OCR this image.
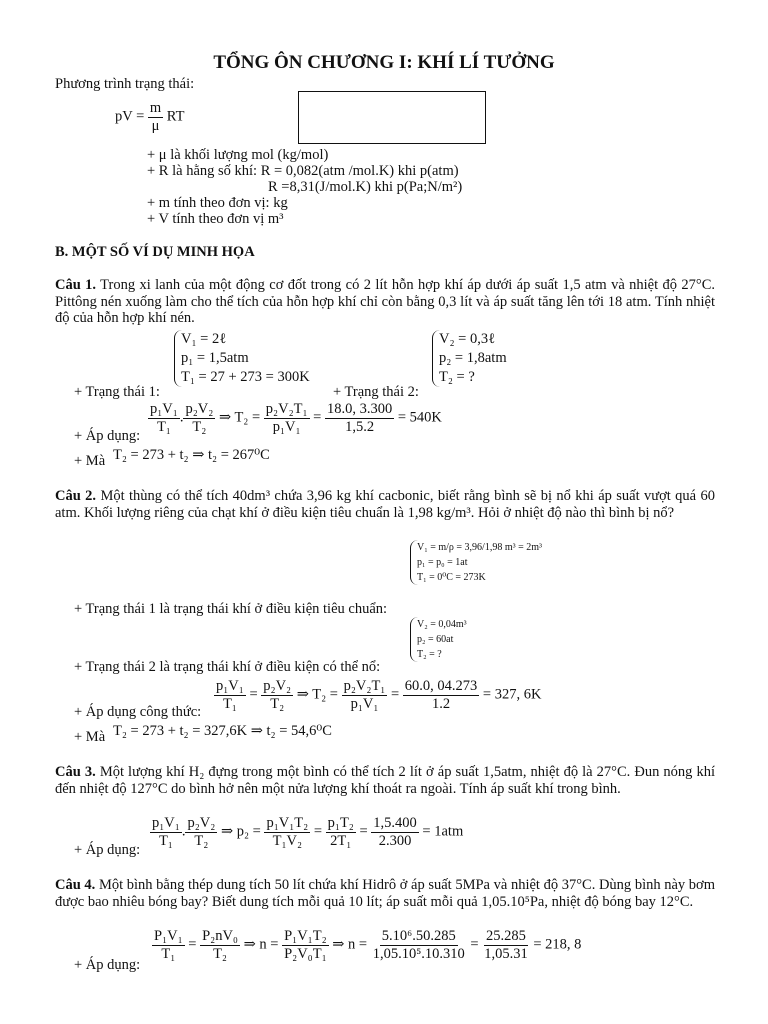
TỔNG ÔN CHƯƠNG I: KHÍ LÍ TƯỞNG
Phương trình trạng thái:
pV = $\frac{m}{\mu}$ RT
+ μ là khối lượng mol (kg/mol)
+ R là hằng số khí: R = 0,082(atm /mol.K) khi p(atm)
R =8,31(J/mol.K) khi p(Pa;N/m²)
+ m tính theo đơn vị: kg
+ V tính theo đơn vị m³
B. MỘT SỐ VÍ DỤ MINH HỌA
Câu 1. Trong xi lanh của một động cơ đốt trong có 2 lít hỗn hợp khí áp dưới áp suất 1,5 atm và nhiệt độ 27°C. Pittông nén xuống làm cho thể tích của hỗn hợp khí chỉ còn bằng 0,3 lít và áp suất tăng lên tới 18 atm. Tính nhiệt độ của hỗn hợp khí nén.
V₁ = 2ℓ
p₁ = 1,5atm
T₁ = 27 + 273 = 300K
V₂ = 0,3ℓ
p₂ = 1,8atm
T₂ = ?
+ Trạng thái 1:	+ Trạng thái 2:
+ Áp dụng:
$\frac{\text{p₁V₁}}{\text{T₁}}$ . $\frac{\text{p₂V₂}}{\text{T₂}}$ ⇒ $T_2 = \frac{\text{p₂V₂T₁}}{\text{p₁V₁}} = \frac{18.0, 3.300}{1,5.2} = 540K$
+ Mà T₂ = 273 + t₂ ⇒ t₂ = 267⁰C
Câu 2. Một thùng có thể tích 40dm³ chứa 3,96 kg khí cacbonic, biết rằng bình sẽ bị nổ khi áp suất vượt quá 60 atm. Khối lượng riêng của chạt khí ở điều kiện tiêu chuẩn là 1,98 kg/m³. Hỏi ở nhiệt độ nào thì bình bị nổ?
V₁ = m/ρ = 3,96/1,98 m³ = 2m³
p₁ = p₀ = 1at
T₁ = 0⁰C = 273K
+ Trạng thái 1 là trạng thái khí ở điều kiện tiêu chuẩn:
V₂ = 0,04m³
p₂ = 60at
T₂ = ?
+ Trạng thái 2 là trạng thái khí ở điều kiện có thể nổ:
$\frac{\text{p₁V₁}}{\text{T₁}} = \frac{\text{p₂V₂}}{\text{T₂}}$ ⇒ $T_2 = \frac{\text{p₂V₂T₁}}{\text{p₁V₁}} = \frac{60.0, 04.273}{1.2} = 327$, 6K
+ Áp dụng công thức:
+ Mà T₂ = 273 + t₂ = 327,6K ⇒ t₂ = 54,6⁰C
Câu 3. Một lượng khí H₂ đựng trong một bình có thể tích 2 lít ở áp suất 1,5atm, nhiệt độ là 27°C. Đun nóng khí đến nhiệt độ 127°C do bình hở nên một nửa lượng khí thoát ra ngoài. Tính áp suất khí trong bình.
$\frac{\text{p₁V₁}}{\text{T₁}}$ . $\frac{\text{p₂V₂}}{\text{T₂}}$ ⇒ $p_2 = \frac{\text{p₁V₁T₂}}{\text{T₁V₂}} = \frac{\text{p₁T₂}}{\text{2T₁}} = \frac{1,5.400}{2.300} = 1atm$
+ Áp dụng:
Câu 4. Một bình bằng thép dung tích 50 lít chứa khí Hidrô ở áp suất 5MPa và nhiệt độ 37°C. Dùng bình này bơm được bao nhiêu bóng bay? Biết dung tích mỗi quả 10 lít; áp suất mỗi quả 1,05.10⁵Pa, nhiệt độ bóng bay 12°C.
$\frac{\text{P₁V₁}}{\text{T₁}} = \frac{\text{P₂nV₀}}{\text{T₂}}$ ⇒ $n = \frac{\text{P₁V₁T₂}}{\text{P₂V₀T₁}}$ ⇒ $n = \frac{\text{5.10⁶.50.285}}{\text{1,05.10⁵.10.310}} = \frac{25.285}{1,05.31} = 218$, 8
+ Áp dụng:
